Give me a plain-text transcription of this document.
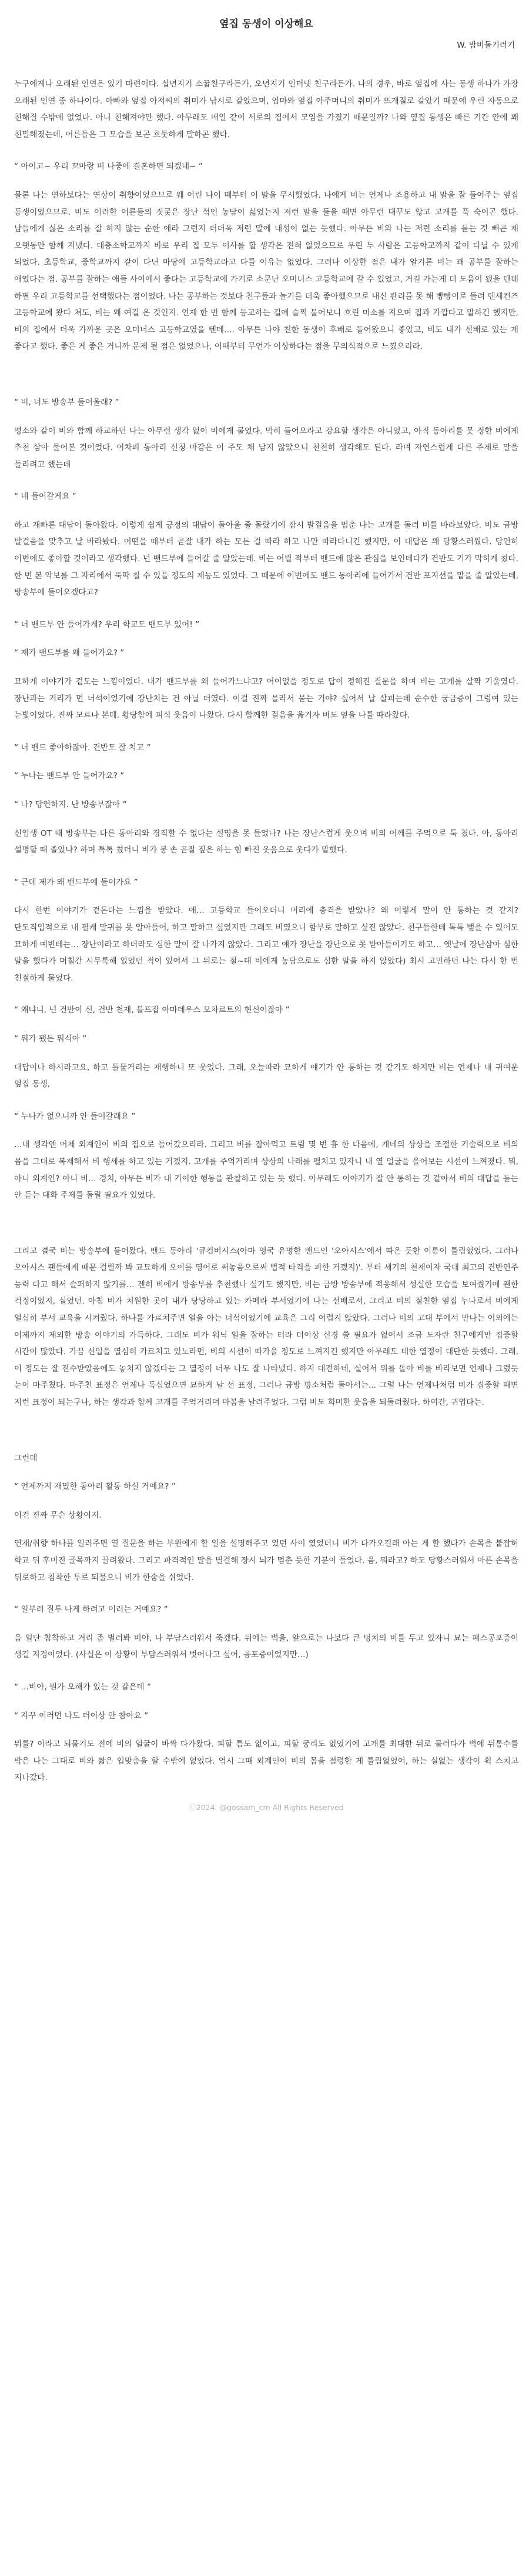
옆집 동생이 이상해요
W. 밤비돌기려기
누구에게나 오래된 인연은 있기 마련이다. 십년지기 소꿉친구라든가, 오년지기 인터넷 친구라든가. 나의 경우, 바로 옆집에 사는 동생 하나가 가장 오래된 인연 중 하나이다. 아빠와 옆집 아저씨의 취미가 낚시로 같았으며, 엄마와 옆집 아주머니의 취미가 뜨개질로 같았기 때문에 우린 자동으로 친해질 수밖에 없었다. 아니 친해져야만 했다. 아무래도 매일 같이 서로의 집에서 모임을 가졌기 때문일까? 나와 옆집 동생은 빠른 기간 안에 꽤 친밀해졌는데, 어른들은 그 모습을 보곤 흐뭇하게 말하곤 했다.
“ 아이고~ 우리 꼬마랑 비 나중에 결혼하면 되겠네~ ”
물론 나는 연하보다는 연상이 취향이었으므로 웨 어린 나이 때부터 이 말을 무시했었다. 나에게 비는 언제나 조용하고 내 말을 잘 들어주는 옆집 동생이었으므로. 비도 이러한 어른들의 짓궂은 장난 섞인 농담이 싫었는지 저런 말을 들을 때면 아무런 대꾸도 않고 고개를 푹 숙이곤 했다. 남들에게 싫은 소리를 잘 하지 않는 순한 애라 그런지 더더욱 저런 말에 내성이 없는 듯했다. 아무튼 비와 나는 저런 소리를 듣는 것 빼곤 제 오랫동안 함께 지냈다. 대충소학교까지 바로 우리 집 모두 이사를 할 생각은 전혀 없었으므로 우린 두 사람은 고등학교까지 같이 다닐 수 있게 되었다. 초등학교, 중학교까지 같이 다닌 마당에 고등학교라고 다를 이유는 없었다. 그러나 이상한 점은 내가 알기론 비는 꽤 공부를 잘하는 애였다는 점. 공부를 잘하는 애들 사이에서 좋다는 고등학교에 가기로 소문난 오미너스 고등학교에 갈 수 있었고, 거길 가는게 더 도움이 됐을 텐데 하필 우리 고등학교를 선택했다는 점이었다. 나는 공부하는 것보다 친구들과 놀기를 더욱 좋아했으므로 내신 관리를 못 해 빵빵이로 들려 텐세컨즈 고등학교에 왔다 쳐도, 비는 왜 여길 온 것인지. 언제 한 번 함께 등교하는 길에 슬쩍 물어보니 흐린 미소를 지으며 집과 가깝다고 말하긴 했지만, 비의 집에서 더욱 가까운 곳은 오미너스 고등학교였을 텐데…. 아무튼 나야 친한 동생이 후배로 들어왔으니 좋았고, 비도 내가 선배로 있는 게 좋다고 했다. 좋은 게 좋은 거니까 문제 될 점은 없었으나, 이때부터 무언가 이상하다는 점을 무의식적으로 느꼈으리라.
“ 비, 너도 방송부 들어올래? ”
평소와 같이 비와 함께 하교하던 나는 아무런 생각 없이 비에게 물었다. 막히 들어오라고 강요할 생각은 아니었고, 아직 동아리를 못 정한 비에게 추천 삼아 물어본 것이었다. 어차피 동아리 신청 마감은 이 주도 채 남지 않았으니 천천히 생각해도 된다. 라며 자연스럽게 다른 주제로 말을 돌리려고 했는데
“ 네 들어갈게요 ”
하고 재빠른 대답이 돌아왔다. 이렇게 쉽게 긍정의 대답이 돌아올 줄 몰랐기에 잠시 발걸음을 멈춘 나는 고개를 돌려 비를 바라보았다. 비도 금방 발걸음을 맞추고 날 바라봤다. 어떤을 때부터 곧잘 내가 하는 모든 걸 따라 하고 나만 따라다니긴 했지만, 이 대답은 꽤 당황스러웠다. 당연히 이번에도 좋아할 것이라고 생각했다. 넌 밴드부에 들어갈 줄 알았는데. 비는 어릴 적부터 밴드에 많은 관심을 보인데다가 건반도 기가 막히게 쳤다. 한 번 본 악보를 그 자리에서 뚝딱 칠 수 있을 정도의 재능도 있었다. 그 때문에 이번에도 밴드 동아리에 들어가서 건반 포지션을 맡을 줄 알았는데, 방송부에 들어오겠다고?
“ 너 밴드부 안 들어가게? 우리 학교도 밴드부 있어! ”
“ 제가 밴드부를 왜 들어가요? ”
묘하게 이야기가 겉도는 느낌이었다. 내가 밴드부를 왜 들어가느냐고? 어이없을 정도로 답이 정해진 질문을 하며 비는 고개를 살짝 기울였다. 장난과는 거리가 먼 너석이었기에 장난치는 건 아닐 터였다. 이걸 진짜 몰라서 묻는 거야? 싶어서 날 살피는데 순수한 궁금증이 그렁여 있는 눈빛이었다. 진짜 모르나 본데. 황당함에 피식 웃음이 나왔다. 다시 함께한 걸음을 옮기자 비도 옆을 나를 따라왔다.
“ 너 밴드 좋아하잖아. 건반도 잘 치고 ”
“ 누나는 밴드부 안 들어가요? ”
“ 나? 당연하지. 난 방송부잖아 ”
신입생 OT 때 방송부는 다른 동아리와 경직할 수 없다는 설명을 못 들었나? 나는 장난스럽게 웃으며 비의 어깨를 주먹으로 툭 쳤다. 아, 동아리 설명할 때 졸았나? 하며 톡톡 쳤더니 비가 붕 손 곧잘 짚은 하는 힘 빠진 웃음으로 웃다가 말했다.
“ 근데 제가 왜 밴드부에 들어가요 ”
다시 한번 이야기가 겉돈다는 느낌을 받았다. 애… 고등학교 들어오더니 머리에 충격을 받았나? 왜 이렇게 말이 안 통하는 것 같지? 단도직입적으로 내 필케 말귀를 못 알아들어, 하고 말하고 싶었지만 그래도 비였으니 함부로 말하고 싶진 않았다. 친구들한테 톡톡 뱉을 수 있어도 묘하게 예빈테는… 장난이라고 하더라도 심한 말이 잘 나가지 않았다. 그리고 얘가 장난을 장난으로 못 받아들이기도 하고… 옛날에 장난삼아 심한 말을 했다가 며칠간 시무룩해 있었던 적이 있어서 그 뒤로는 절~대 비에게 농담으로도 심한 말을 하지 않았다) 최시 고민하던 나는 다시 한 번 친절하게 물었다.
“ 왜냐니, 넌 건반이 신, 건반 천재, 블프잡 아마데우스 모차르트의 현신이잖아 ”
“ 뭐가 됐든 뭐식아 ”
대답이나 하시라고요, 하고 틀툴거리는 재행하니 또 웃었다. 그래, 오늘따라 묘하게 얘기가 안 통하는 것 같기도 하지만 비는 언제나 내 귀여운 옆집 동생,
“ 누나가 없으니까 안 들어갈래요 ”
…내 생각엔 어제 외계인이 비의 집으로 들어갔으리라. 그리고 비를 잡아먹고 트림 몇 번 흉 한 다음에, 개네의 상상을 조절한 기술력으로 비의 몸을 그대로 복제해서 비 행세를 하고 있는 거겠지. 고개를 주억거리며 상상의 나래를 펼치고 있자니 내 옆 얼굴을 올어보는 시선이 느껴졌다. 뭐, 아니 외계인? 아니 비… 경치, 아무튼 비가 내 기이한 행동을 관찰하고 있는 듯 했다. 아무래도 이야기가 잘 안 통하는 것 같아서 비의 대답을 듣는 안 듣는 대화 주제를 돌릴 필요가 있었다.
그리고 결국 비는 방송부에 들어왔다. 밴드 동아리 '큐컴버시스(아마 영국 유명한 밴드인 '오아시스'에서 따온 듯한 이름이 틀림없었다. 그러나 오아시스 팬들에게 때문 걸릴까 봐 교묘하게 오이를 영어로 써놓음으로써 법적 타격을 피한 거겠지)'. 부터 세기의 천재이자 국대 최고의 건반연주 능력 다고 해서 슬퍼하지 않기를… 겐히 비에게 방송부를 추천했나 싶기도 했지만, 비는 금방 방송부에 적응해서 성실한 모습을 보여줬기에 괜한 걱정이었지, 실었던. 아침 비가 치원한 곳이 내가 당당하고 있는 카메라 부서였기에 나는 선배로서, 그리고 비의 절친한 옆집 누나로서 비에게 열심히 부서 교육을 시켜줬다. 하나를 가르쳐주면 열을 아는 너석이었기에 교육은 그리 어렵지 않았다. 그러나 비의 고대 부에서 만나는 이외에는 어제까지 제외한 방송 이야기의 가득하다. 그래도 비가 워닉 일을 잘하는 터라 더이상 신경 쓸 필요가 없어서 조금 도자란 친구에게만 집중할 시간이 많았다. 가끔 신입을 열심히 가르치고 있노라면, 비의 시선이 따가울 정도로 느껴지긴 했지만 아무래도 대한 열정이 대단한 듯했다. 그래, 이 정도는 잘 전수받았음에도 놓치지 않겠다는 그 열정이 너무 나도 잘 나타냈다. 하지 대견하네, 실어서 위를 돌아 비를 바라보면 언제나 그랬듯 눈이 마주쳤다. 마주친 표정은 언제나 독심었으면 묘하게 날 선 표정, 그러나 금방 평소처럼 돌아서는... 그럴 나는 언제나처럼 비가 집중할 때면 저런 표정이 되는구나, 하는 생각과 함께 고개를 주억거리며 마봄을 날려주었다. 그럼 비도 희미한 웃음을 되돌려줬다. 하여간, 귀엽다는.
그런데
“ 언제까지 재밌한 동아리 활동 하실 거예요? ”
이건 진짜 무슨 상황이지.
연재/취향 하나를 일러주면 열 질문을 하는 부원에게 할 일을 설명해주고 있던 사이 였었더니 비가 다가오길래 아는 게 할 했다가 손목을 붙잡혀 학교 뒤 후미진 골목까지 끌려왔다. 그리고 파격적인 말을 별걸해 장시 뇌가 멈춘 듯한 기분이 들었다. 음, 뭐라고? 하도 당황스러워서 아픈 손목을 뒤로하고 침착한 투로 되물으니 비가 한숨을 쉬었다.
“ 일부러 질투 나게 하려고 이러는 거예요? ”
음 일단 침착하고 거리 좀 벌려봐 비야, 나 부담스러워서 죽겠다. 뒤에는 벽을, 앞으로는 나보다 큰 덩치의 비를 두고 있자니 묘는 패스공포증이 생길 지경이었다. (사실은 이 상황이 부담스러워서 벗어나고 싶어, 공포증이었지만…)
“ …비야, 뭔가 오해가 있는 것 같은데 ”
“ 자꾸 이러면 나도 더이상 안 참아요 ”
뭐를? 이라고 되물기도 전에 비의 얼굴이 바짝 다가왔다. 피할 틈도 없이고, 피할 궁리도 없었기에 고개를 최대한 뒤로 물러다가 벽에 뒤통수를 박은 나는 그대로 비와 짧은 입맞춤을 할 수밖에 없었다. 역시 그때 외계인이 비의 몸을 점령한 게 틀림없었어, 하는 실없는 생각이 휙 스치고 지나갔다.
ⓒ2024. @gossam_cm All Rights Reserved
